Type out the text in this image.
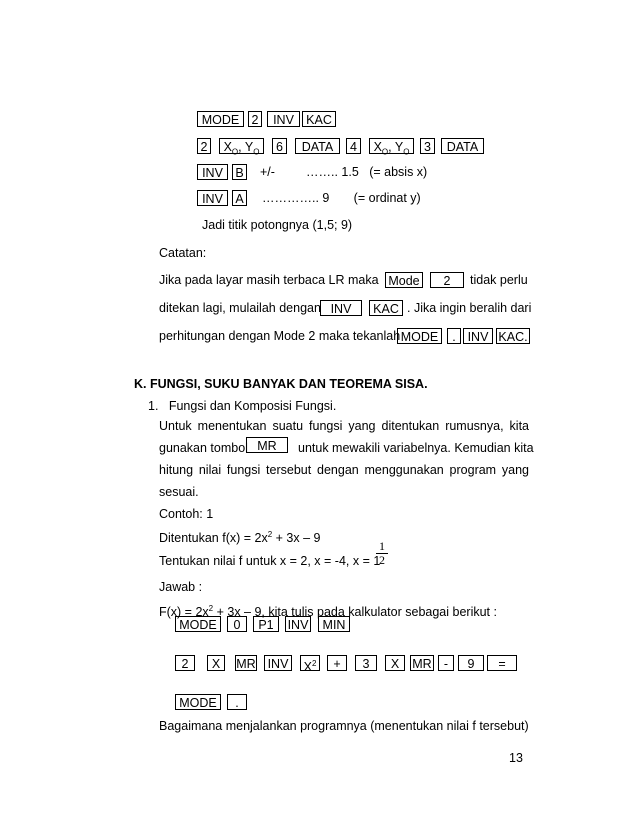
MODE 2	INV KAC
2	$X_O$, $Y_O$	6	DATA	4	$X_O$, $Y_O$	3	DATA
INV B +/- …….. 1.5   (= absis x)
INV A ………….. 9       (= ordinat y)
Jadi titik potongnya (1,5; 9)
Catatan:
Jika pada layar masih terbaca LR maka Mode	2	tidak perlu
ditekan lagi, mulailah dengan INV	KAC . Jika ingin beralih dari
perhitungan dengan Mode 2 maka tekanlah MODE	. INV KAC.
K. FUNGSI, SUKU BANYAK DAN TEOREMA SISA.
1.   Fungsi dan Komposisi Fungsi.
Untuk menentukan suatu fungsi yang ditentukan rumusnya, kita
gunakan tombol MR	untuk mewakili variabelnya. Kemudian kita
hitung nilai fungsi tersebut dengan menggunakan program yang
sesuai.
Contoh: 1
Ditentukan $f(x) = 2x^2 + 3x - 9$
Tentukan nilai f untuk x = 2, x = -4, x = 1
$\frac{1}{2}$
Jawab :
$F(x) = 2x^2 + 3x - 9$, kita tulis pada kalkulator sebagai berikut :
MODE	0	P1	INV	MIN
2	X	MR INV $X^2$	+	3	X	MR -	9	=
MODE	.
Bagaimana menjalankan programnya (menentukan nilai f tersebut)
13
